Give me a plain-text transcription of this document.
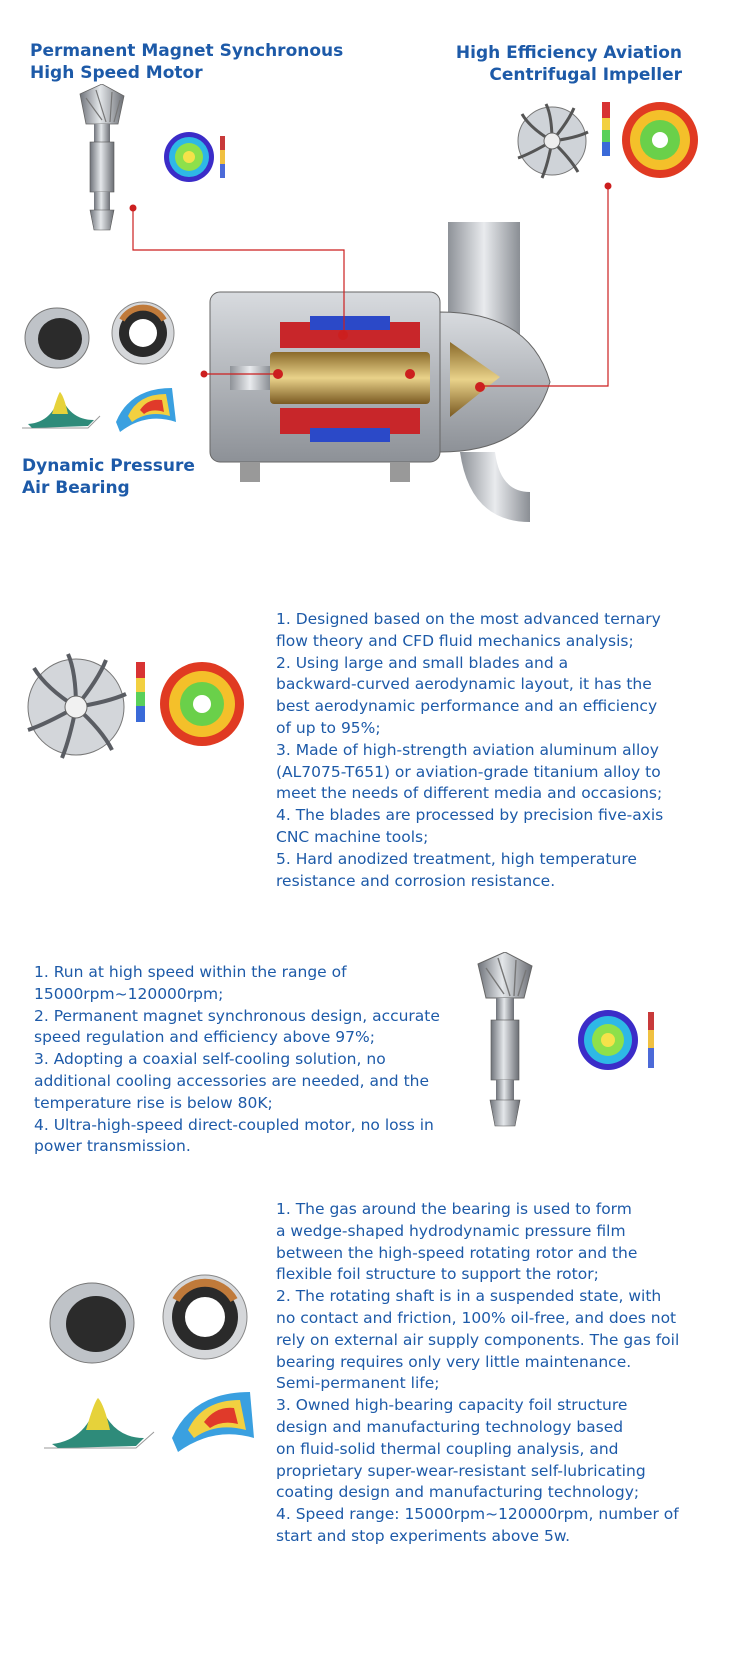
Permanent Magnet Synchronous
High Speed Motor
High Efficiency Aviation
Centrifugal Impeller
Dynamic Pressure
Air Bearing

1. Designed based on the most advanced ternary

flow theory and CFD fluid mechanics analysis;

2. Using large and small blades and a

backward-curved aerodynamic layout, it has the

best aerodynamic performance and an efficiency

of up to 95%;

3. Made of high-strength aviation aluminum alloy

(AL7075-T651) or aviation-grade titanium alloy to

meet the needs of different media and occasions;

4. The blades are processed by precision five-axis

CNC machine tools;

5. Hard anodized treatment, high temperature

resistance and corrosion resistance.

1. Run at high speed within the range of

15000rpm~120000rpm;

2. Permanent magnet synchronous design, accurate

speed regulation and efficiency above 97%;

3. Adopting a coaxial self-cooling solution, no

additional cooling accessories are needed, and the

temperature rise is below 80K;

4. Ultra-high-speed direct-coupled motor, no loss in

power transmission.

1. The gas around the bearing is used to form

a wedge-shaped hydrodynamic pressure film

between the high-speed rotating rotor and the

flexible foil structure to support the rotor;

2. The rotating shaft is in a suspended state, with

no contact and friction, 100% oil-free, and does not

rely on external air supply components. The gas foil

bearing requires only very little maintenance.

Semi-permanent life;

3. Owned high-bearing capacity foil structure

design and manufacturing technology based

on fluid-solid thermal coupling analysis, and

proprietary super-wear-resistant self-lubricating

coating design and manufacturing technology;

4. Speed range: 15000rpm~120000rpm, number of

start and stop experiments above 5w.
